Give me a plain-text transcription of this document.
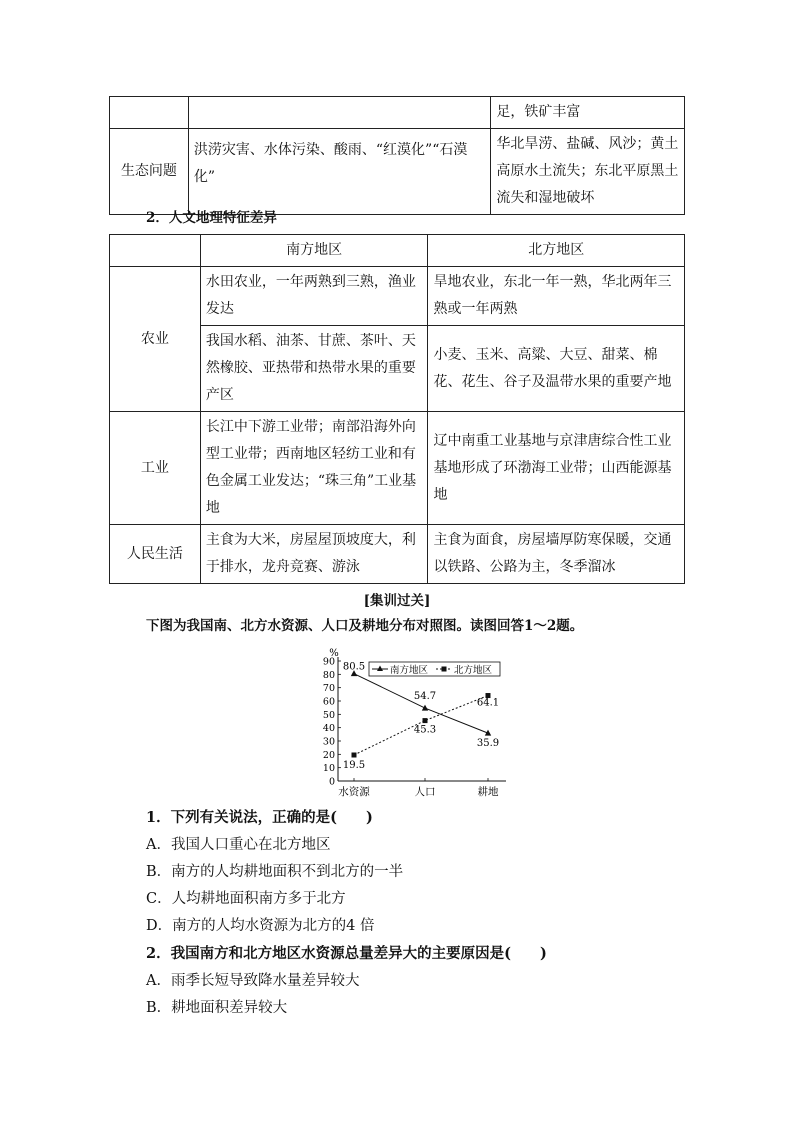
		足，铁矿丰富
生态问题	洪涝灾害、水体污染、酸雨、“红漠化”“石漠化”	华北旱涝、盐碱、风沙；黄土高原水土流失；东北平原黑土流失和湿地破坏
2．人文地理特征差异
	南方地区	北方地区
农业	水田农业，一年两熟到三熟，渔业发达	旱地农业，东北一年一熟，华北两年三熟或一年两熟
	我国水稻、油茶、甘蔗、茶叶、天然橡胶、亚热带和热带水果的重要产区	小麦、玉米、高粱、大豆、甜菜、棉花、花生、谷子及温带水果的重要产地
工业	长江中下游工业带；南部沿海外向型工业带；西南地区轻纺工业和有色金属工业发达；“珠三角”工业基地	辽中南重工业基地与京津唐综合性工业基地形成了环渤海工业带；山西能源基地
人民生活	主食为大米，房屋屋顶坡度大，利于排水，龙舟竞赛、游泳	主食为面食，房屋墙厚防寒保暖，交通以铁路、公路为主，冬季溜冰
[集训过关]
下图为我国南、北方水资源、人口及耕地分布对照图。读图回答1～2题。
%
0
10
20
30
40
50
60
70
80
90
水资源	人口	耕地
80.5
54.7
35.9
19.5
45.3
64.1
南方地区	北方地区
1．下列有关说法，正确的是(　　)
A．我国人口重心在北方地区
B．南方的人均耕地面积不到北方的一半
C．人均耕地面积南方多于北方
D．南方的人均水资源为北方的4 倍
2．我国南方和北方地区水资源总量差异大的主要原因是(　　)
A．雨季长短导致降水量差异较大
B．耕地面积差异较大
